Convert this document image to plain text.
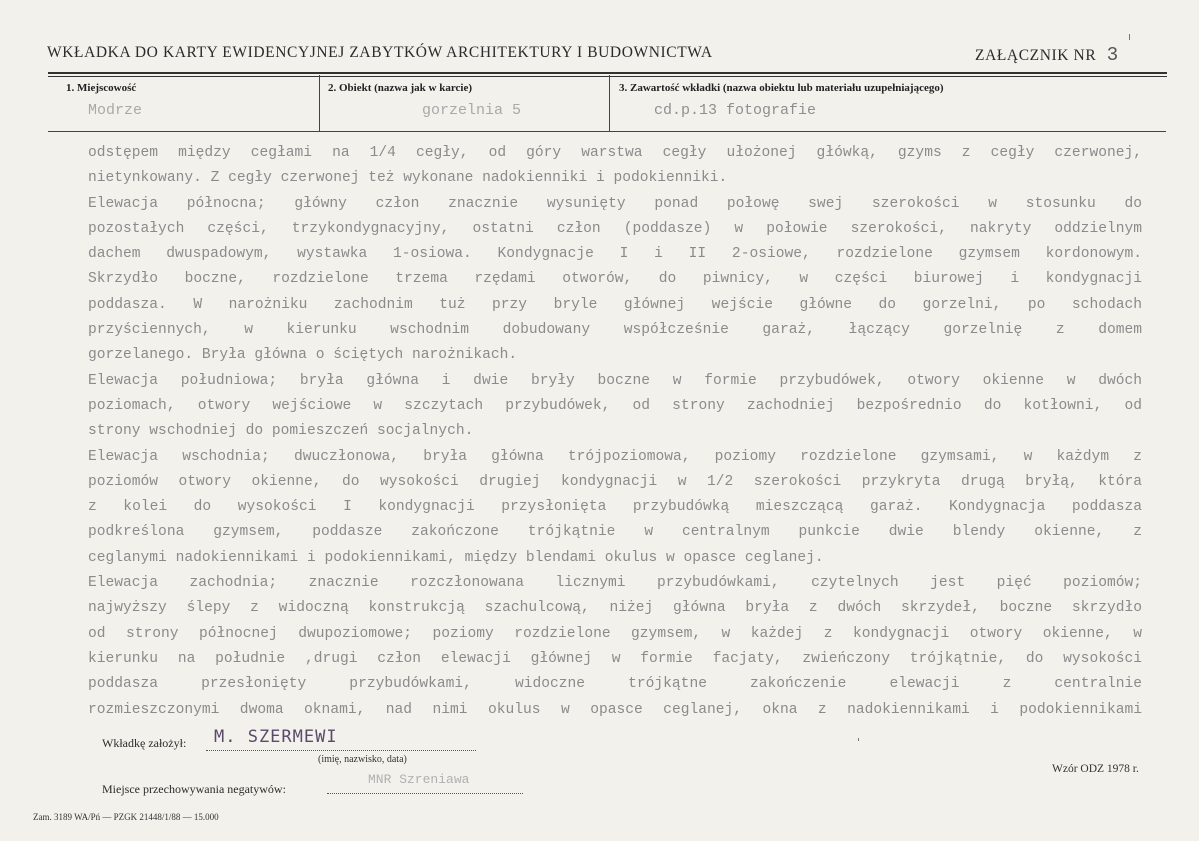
WKŁADKA DO KARTY EWIDENCYJNEJ ZABYTKÓW ARCHITEKTURY I BUDOWNICTWA	ZAŁĄCZNIK NR 3
1. Miejscowość
Modrze
2. Obiekt (nazwa jak w karcie)
gorzelnia 5
3. Zawartość wkładki (nazwa obiektu lub materiału uzupełniającego)
cd.p.13 fotografie
odstępem między cegłami na 1/4 cegły, od góry warstwa cegły ułożonej główką, gzyms z cegły czerwonej,
nietynkowany. Z cegły czerwonej też wykonane nadokienniki i podokienniki.
Elewacja północna; główny człon znacznie wysunięty ponad połowę swej szerokości w stosunku do
pozostałych części, trzykondygnacyjny, ostatni człon (poddasze) w połowie szerokości, nakryty oddzielnym
dachem dwuspadowym, wystawka 1-osiowa. Kondygnacje I i II 2-osiowe, rozdzielone gzymsem kordonowym.
Skrzydło boczne, rozdzielone trzema rzędami otworów, do piwnicy, w części biurowej i kondygnacji
poddasza. W narożniku zachodnim tuż przy bryle głównej wejście główne do gorzelni, po schodach
przyściennych, w kierunku wschodnim dobudowany współcześnie garaż, łączący gorzelnię z domem
gorzelanego. Bryła główna o ściętych narożnikach.
Elewacja południowa; bryła główna i dwie bryły boczne w formie przybudówek, otwory okienne w dwóch
poziomach, otwory wejściowe w szczytach przybudówek, od strony zachodniej bezpośrednio do kotłowni, od
strony wschodniej do pomieszczeń socjalnych.
Elewacja wschodnia; dwuczłonowa, bryła główna trójpoziomowa, poziomy rozdzielone gzymsami, w każdym z
poziomów otwory okienne, do wysokości drugiej kondygnacji w 1/2 szerokości przykryta drugą bryłą, która
z kolei do wysokości I kondygnacji przysłonięta przybudówką mieszczącą garaż. Kondygnacja poddasza
podkreślona gzymsem, poddasze zakończone trójkątnie w centralnym punkcie dwie blendy okienne, z
ceglanymi nadokiennikami i podokiennikami, między blendami okulus w opasce ceglanej.
Elewacja zachodnia; znacznie rozczłonowana licznymi przybudówkami, czytelnych jest pięć poziomów;
najwyższy ślepy z widoczną konstrukcją szachulcową, niżej główna bryła z dwóch skrzydeł, boczne skrzydło
od strony północnej dwupoziomowe; poziomy rozdzielone gzymsem, w każdej z kondygnacji otwory okienne, w
kierunku na południe ,drugi człon elewacji głównej w formie facjaty, zwieńczony trójkątnie, do wysokości
poddasza przesłonięty przybudówkami, widoczne trójkątne zakończenie elewacji z centralnie
rozmieszczonymi dwoma oknami, nad nimi okulus w opasce ceglanej, okna z nadokiennikami i podokiennikami
Wkładkę założył: M. SZERMEWI
(imię, nazwisko, data)
Wzór ODZ 1978 r.
Miejsce przechowywania negatywów:
MNR Szreniawa
Zam. 3189 WA/Pń — PZGK 21448/1/88 — 15.000
